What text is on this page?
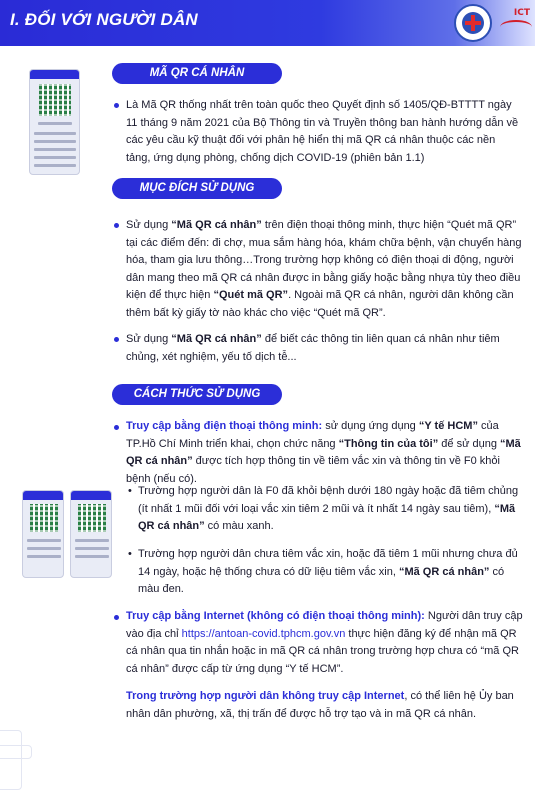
I. ĐỐI VỚI NGƯỜI DÂN	ICT
MÃ QR CÁ NHÂN
Là Mã QR thống nhất trên toàn quốc theo Quyết định số 1405/QĐ-BTTTT ngày 11 tháng 9 năm 2021 của Bộ Thông tin và Truyền thông ban hành hướng dẫn về các yêu cầu kỹ thuật đối với phân hệ hiển thị mã QR cá nhân thuộc các nền tảng, ứng dụng phòng, chống dịch COVID-19 (phiên bản 1.1)
MỤC ĐÍCH SỬ DỤNG
Sử dụng “Mã QR cá nhân” trên điện thoại thông minh, thực hiện “Quét mã QR” tại các điểm đến: đi chợ, mua sắm hàng hóa, khám chữa bệnh, vận chuyển hàng hóa, tham gia lưu thông…Trong trường hợp không có điện thoại di động, người dân mang theo mã QR cá nhân được in bằng giấy hoặc bằng nhựa tùy theo điều kiện để thực hiện “Quét mã QR”. Ngoài mã QR cá nhân, người dân không cần thêm bất kỳ giấy tờ nào khác cho việc “Quét mã QR”.
Sử dụng “Mã QR cá nhân” để biết các thông tin liên quan cá nhân như tiêm chủng, xét nghiệm, yếu tố dịch tễ...
CÁCH THỨC SỬ DỤNG
Truy cập bằng điện thoại thông minh: sử dụng ứng dụng “Y tế HCM” của TP.Hồ Chí Minh triển khai, chọn chức năng “Thông tin của tôi” để sử dụng “Mã QR cá nhân” được tích hợp thông tin về tiêm vắc xin và thông tin về F0 khỏi bệnh (nếu có).
• Trường hợp người dân là F0 đã khỏi bệnh dưới 180 ngày hoặc đã tiêm chủng (ít nhất 1 mũi đối với loại vắc xin tiêm 2 mũi và ít nhất 14 ngày sau tiêm), “Mã QR cá nhân” có màu xanh.
• Trường hợp người dân chưa tiêm vắc xin, hoặc đã tiêm 1 mũi nhưng chưa đủ 14 ngày, hoặc hệ thống chưa có dữ liệu tiêm vắc xin, “Mã QR cá nhân” có màu đen.
Truy cập bằng Internet (không có điện thoại thông minh): Người dân truy cập vào địa chỉ https://antoan-covid.tphcm.gov.vn thực hiện đăng ký để nhận mã QR cá nhân qua tin nhắn hoặc in mã QR cá nhân trong trường hợp chưa có “mã QR cá nhân” được cấp từ ứng dụng “Y tế HCM”.
Trong trường hợp người dân không truy cập Internet, có thể liên hệ Ủy ban nhân dân phường, xã, thị trấn để được hỗ trợ tạo và in mã QR cá nhân.
